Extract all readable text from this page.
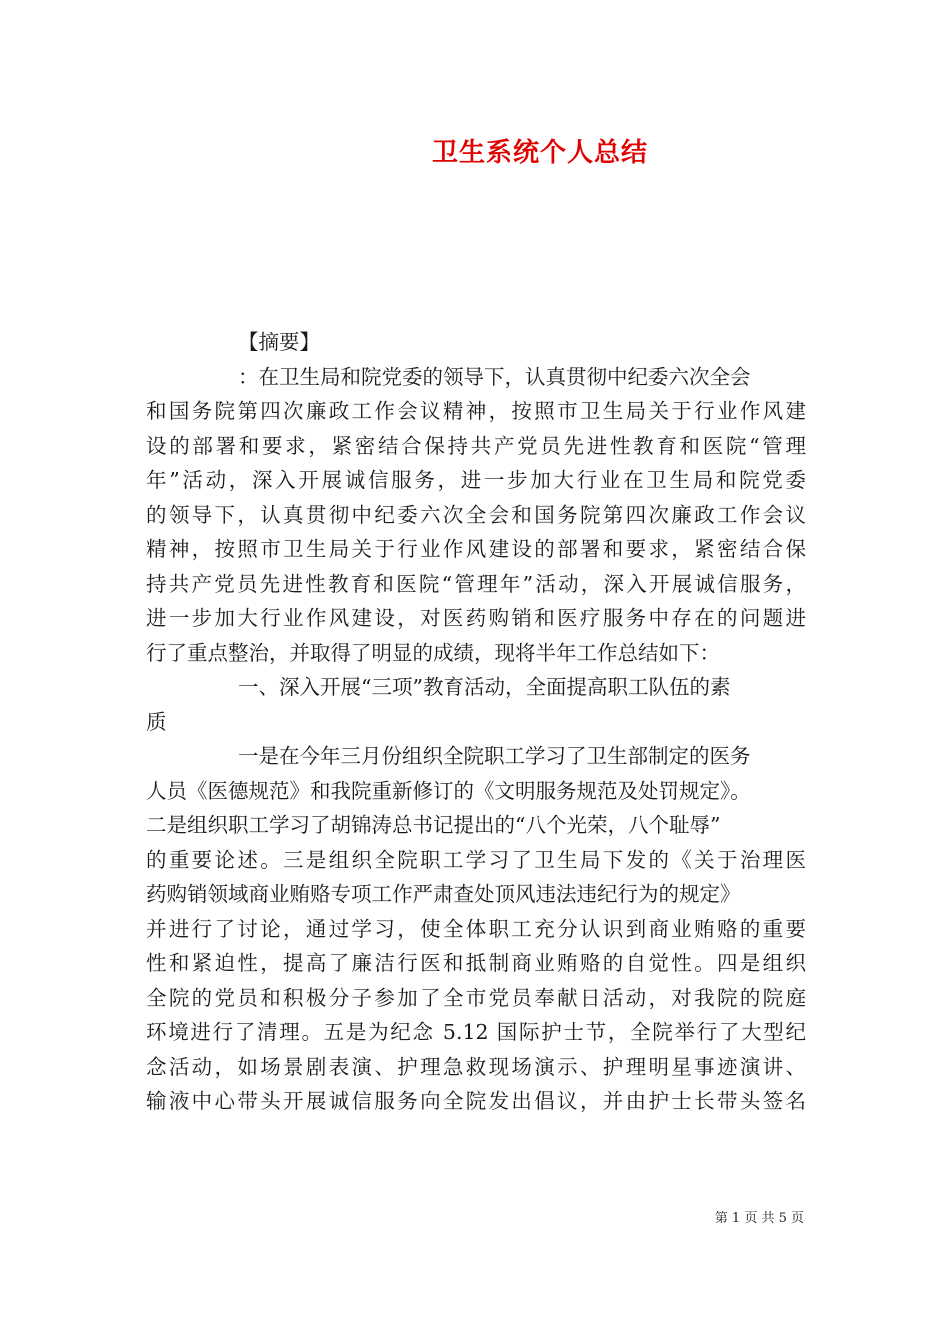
卫生系统个人总结
【摘要】
：在卫生局和院党委的领导下，认真贯彻中纪委六次全会
和国务院第四次廉政工作会议精神，按照市卫生局关于行业作风建
设的部署和要求，紧密结合保持共产党员先进性教育和医院“管理
年”活动，深入开展诚信服务，进一步加大行业在卫生局和院党委
的领导下，认真贯彻中纪委六次全会和国务院第四次廉政工作会议
精神，按照市卫生局关于行业作风建设的部署和要求，紧密结合保
持共产党员先进性教育和医院“管理年”活动，深入开展诚信服务，
进一步加大行业作风建设，对医药购销和医疗服务中存在的问题进
行了重点整治，并取得了明显的成绩，现将半年工作总结如下：
一、深入开展“三项”教育活动，全面提高职工队伍的素
质
一是在今年三月份组织全院职工学习了卫生部制定的医务
人员《医德规范》和我院重新修订的《文明服务规范及处罚规定》。
二是组织职工学习了胡锦涛总书记提出的“八个光荣，八个耻辱”
的重要论述。三是组织全院职工学习了卫生局下发的《关于治理医
药购销领域商业贿赂专项工作严肃查处顶风违法违纪行为的规定》
并进行了讨论，通过学习，使全体职工充分认识到商业贿赂的重要
性和紧迫性，提高了廉洁行医和抵制商业贿赂的自觉性。四是组织
全院的党员和积极分子参加了全市党员奉献日活动，对我院的院庭
环境进行了清理。五是为纪念 5.12 国际护士节，全院举行了大型纪
念活动，如场景剧表演、护理急救现场演示、护理明星事迹演讲、
输液中心带头开展诚信服务向全院发出倡议，并由护士长带头签名
第 1 页 共 5 页
